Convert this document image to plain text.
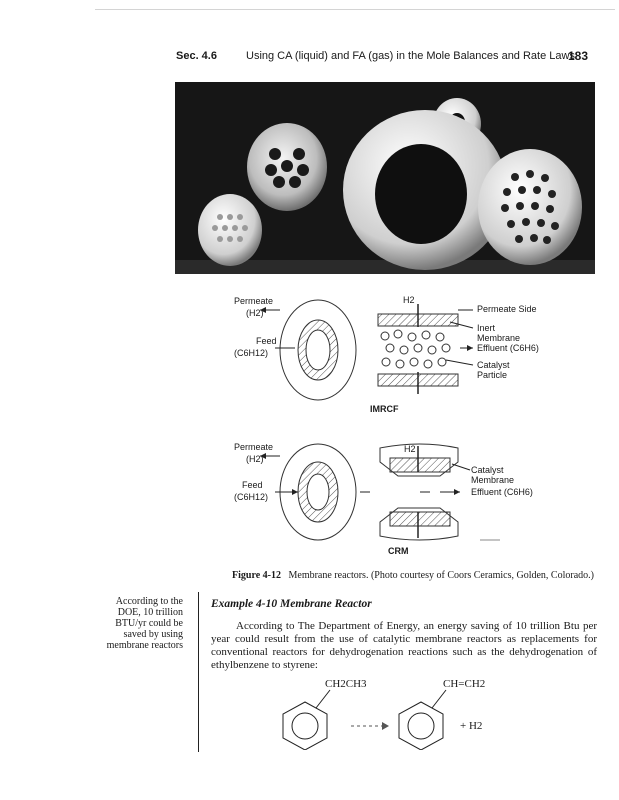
Sec. 4.6	Using CA (liquid) and FA (gas) in the Mole Balances and Rate Laws
183
Permeate
(H2)
Feed
(C6H12)
H2
Permeate Side
Inert Membrane
Effluent (C6H6)
Catalyst Particle
IMRCF
Permeate
(H2)
Feed
(C6H12)
H2
Catalyst Membrane
Effluent (C6H6)
CRM
Figure 4-12 Membrane reactors. (Photo courtesy of Coors Ceramics, Golden, Colorado.)
According to the
DOE, 10 trillion
BTU/yr could be
saved by using
membrane reactors
Example 4-10 Membrane Reactor
According to The Department of Energy, an energy saving of 10 trillion Btu per year could result from the use of catalytic membrane reactors as replacements for conventional reactors for dehydrogenation reactions such as the dehydrogenation of ethylbenzene to styrene:
CH2CH3	CH=CH2
+ H2
